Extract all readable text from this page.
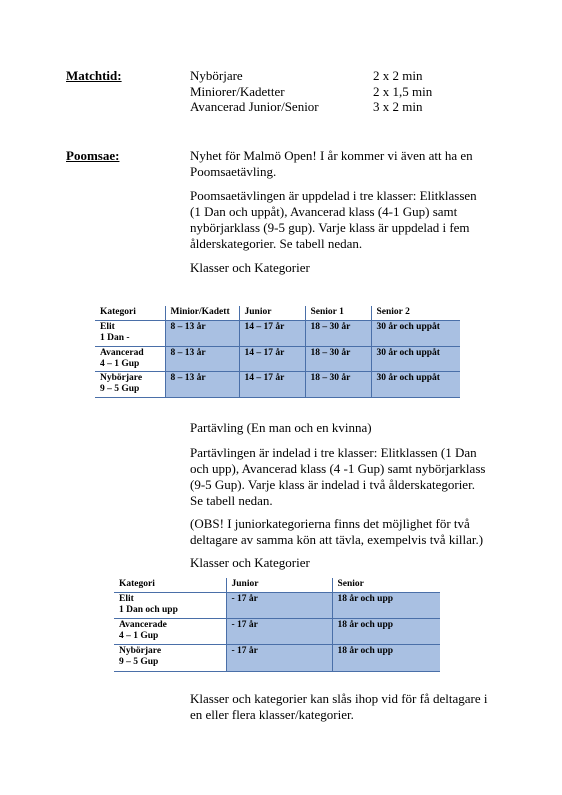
Matchtid:	Nybörjare	2 x 2 min
Miniorer/Kadetter	2 x 1,5 min
Avancerad Junior/Senior	3 x 2 min
Poomsae:	Nyhet för Malmö Open! I år kommer vi även att ha en
Poomsaetävling.
Poomsaetävlingen är uppdelad i tre klasser: Elitklassen
(1 Dan och uppåt), Avancerad klass (4-1 Gup) samt
nybörjarklass (9-5 gup). Varje klass är uppdelad i fem
ålderskategorier. Se tabell nedan.
Klasser och Kategorier
Kategori	Minior/Kadett	Junior	Senior 1	Senior 2
Elit
1 Dan -	8 – 13 år	14 – 17 år	18 – 30 år	30 år och uppåt
Avancerad
4 – 1 Gup	8 – 13 år	14 – 17 år	18 – 30 år	30 år och uppåt
Nybörjare
9 – 5 Gup	8 – 13 år	14 – 17 år	18 – 30 år	30 år och uppåt
Partävling (En man och en kvinna)
Partävlingen är indelad i tre klasser: Elitklassen (1 Dan
och upp), Avancerad klass (4 -1 Gup) samt nybörjarklass
(9-5 Gup). Varje klass är indelad i två ålderskategorier.
Se tabell nedan.
(OBS! I juniorkategorierna finns det möjlighet för två
deltagare av samma kön att tävla, exempelvis två killar.)
Klasser och Kategorier
Kategori	Junior	Senior
Elit
1 Dan och upp	- 17 år	18 år och upp
Avancerade
4 – 1 Gup	- 17 år	18 år och upp
Nybörjare
9 – 5 Gup	- 17 år	18 år och upp
Klasser och kategorier kan slås ihop vid för få deltagare i
en eller flera klasser/kategorier.
